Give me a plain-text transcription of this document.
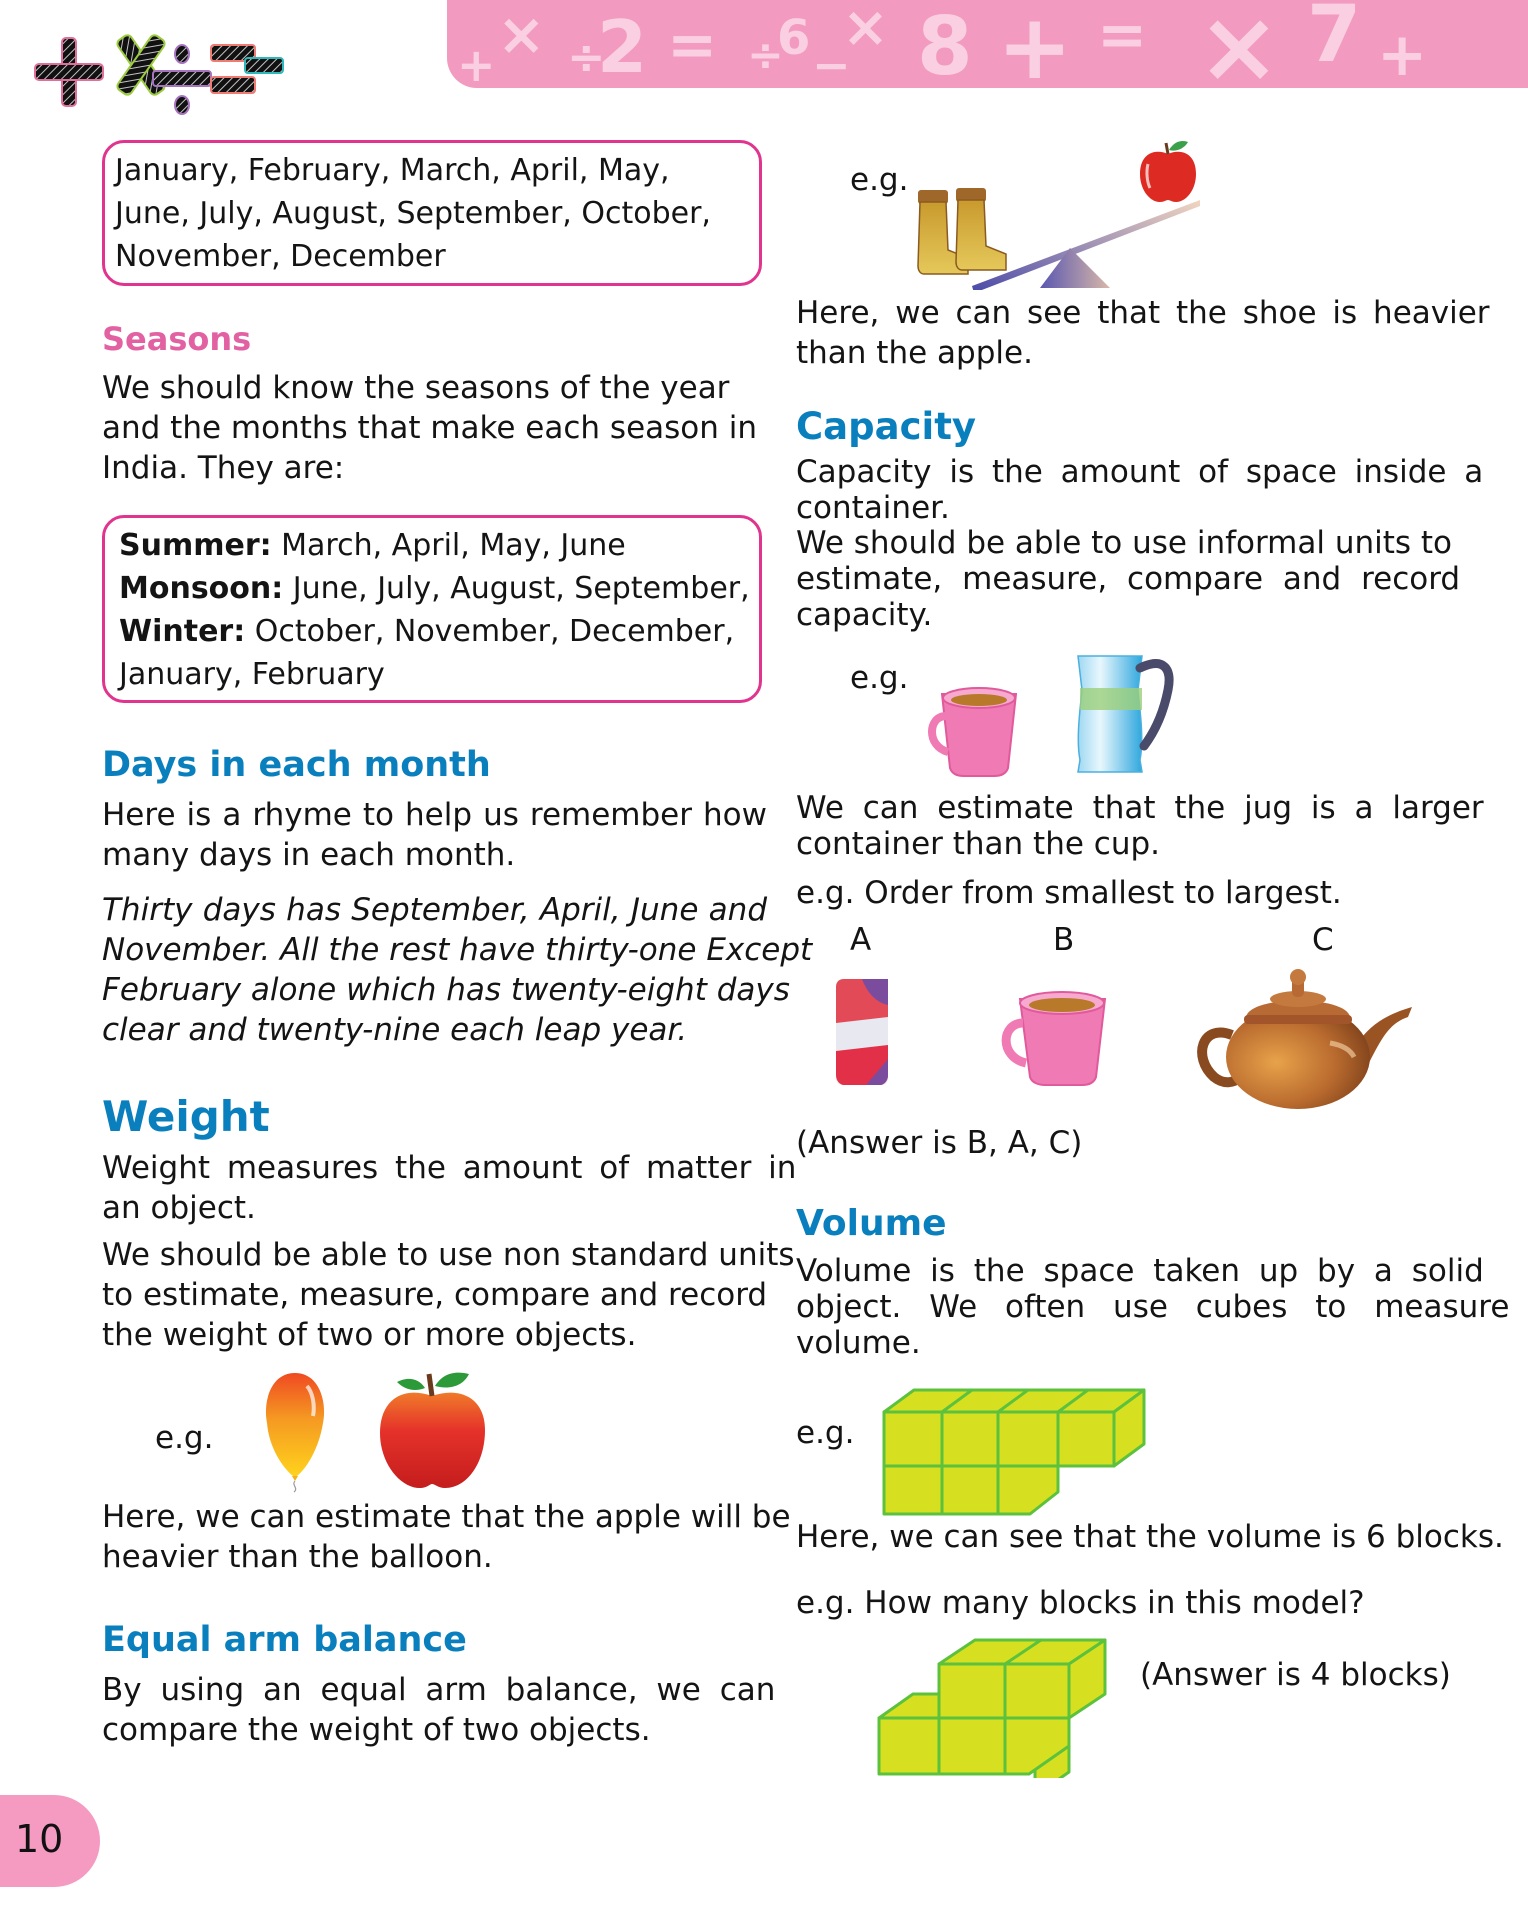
+ × ÷
2 = ÷
6 −
× 8 + = × 7 +
January, February, March, April, May,
June, July, August, September, October,
November, December
Seasons
We should know the seasons of the year
and the months that make each season in
India. They are:
Summer: March, April, May, June
Monsoon: June, July, August, September,
Winter: October, November, December,
January, February
Days in each month
Here is a rhyme to help us remember how
many days in each month.
Thirty days has September, April, June and
November. All the rest have thirty-one Except
February alone which has twenty-eight days
clear and twenty-nine each leap year.
Weight
Weight measures the amount of matter in
an object.
We should be able to use non standard units
to estimate, measure, compare and record
the weight of two or more objects.
e.g.
Here, we can estimate that the apple will be
heavier than the balloon.
Equal arm balance
By using an equal arm balance, we can
compare the weight of two objects.
10
e.g.
Here, we can see that the shoe is heavier
than the apple.
Capacity
Capacity is the amount of space inside a
container.
We should be able to use informal units to
estimate, measure, compare and record
capacity.
e.g.
We can estimate that the jug is a larger
container than the cup.
e.g. Order from smallest to largest.
A	B	C
(Answer is B, A, C)
Volume
Volume is the space taken up by a solid
object. We often use cubes to measure
volume.
e.g.
Here, we can see that the volume is 6 blocks.
e.g. How many blocks in this model?
(Answer is 4 blocks)
